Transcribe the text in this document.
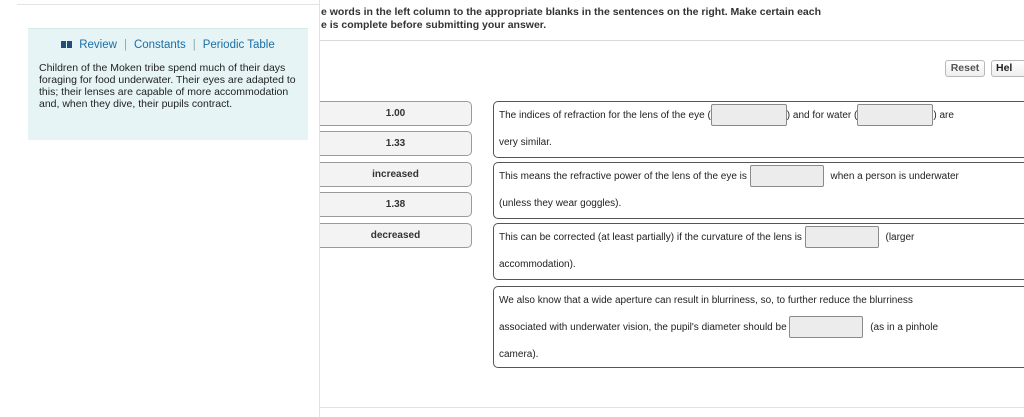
Review | Constants | Periodic Table
Children of the Moken tribe spend much of their days foraging for food underwater. Their eyes are adapted to this; their lenses are capable of more accommodation and, when they dive, their pupils contract.
e words in the left column to the appropriate blanks in the sentences on the right. Make certain each
e is complete before submitting your answer.
Reset	Hel
1.00
1.33
increased
1.38
decreased
The indices of refraction for the lens of the eye (	) and for water (	) are
very similar.
This means the refractive power of the lens of the eye is	when a person is underwater
(unless they wear goggles).
This can be corrected (at least partially) if the curvature of the lens is	(larger
accommodation).
We also know that a wide aperture can result in blurriness, so, to further reduce the blurriness
associated with underwater vision, the pupil's diameter should be	(as in a pinhole
camera).
